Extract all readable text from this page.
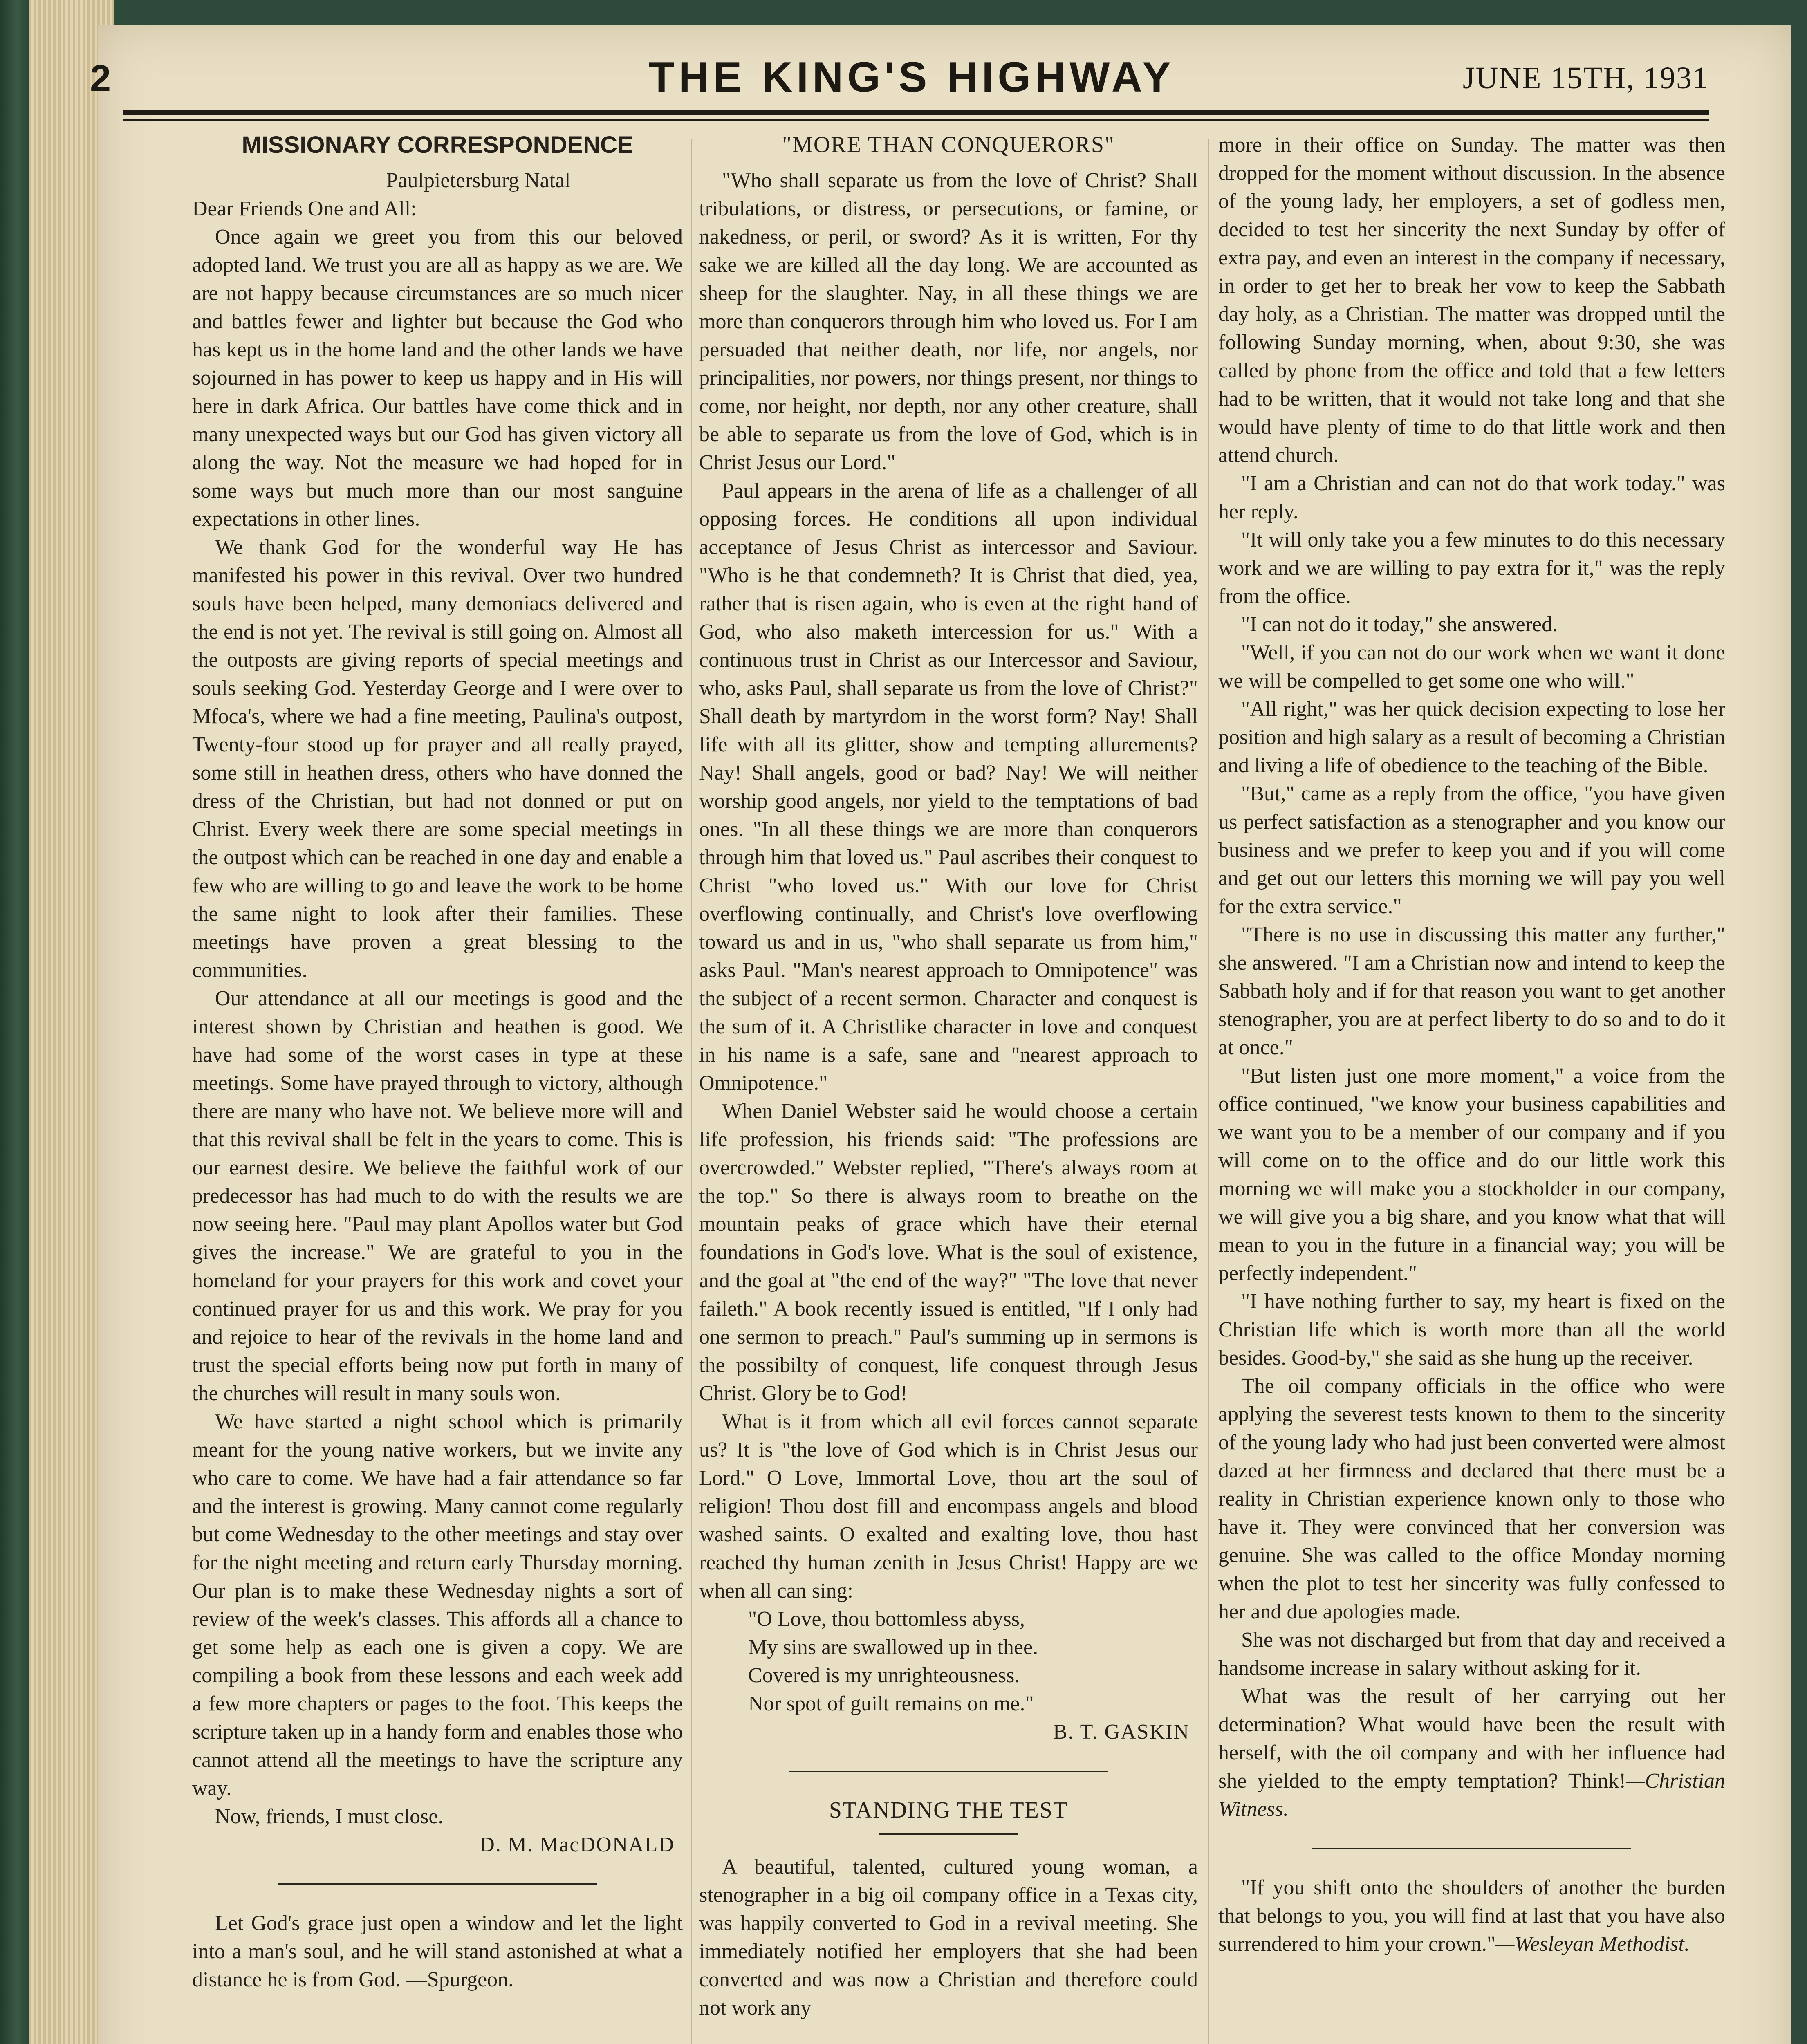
2	THE KING'S HIGHWAY	JUNE 15TH, 1931
MISSIONARY CORRESPONDENCE

Paulpietersburg Natal

Dear Friends One and All:

Once again we greet you from this our beloved adopted land. We trust you are all as happy as we are. We are not happy because circumstances are so much nicer and battles fewer and lighter but because the God who has kept us in the home land and the other lands we have sojourned in has power to keep us happy and in His will here in dark Africa. Our battles have come thick and in many unexpected ways but our God has given victory all along the way. Not the measure we had hoped for in some ways but much more than our most sanguine expectations in other lines.

We thank God for the wonderful way He has manifested his power in this revival. Over two hundred souls have been helped, many demoniacs delivered and the end is not yet. The revival is still going on. Almost all the outposts are giving reports of special meetings and souls seeking God. Yesterday George and I were over to Mfoca's, where we had a fine meeting, Paulina's outpost, Twenty-four stood up for prayer and all really prayed, some still in heathen dress, others who have donned the dress of the Christian, but had not donned or put on Christ. Every week there are some special meetings in the outpost which can be reached in one day and enable a few who are willing to go and leave the work to be home the same night to look after their families. These meetings have proven a great blessing to the communities.

Our attendance at all our meetings is good and the interest shown by Christian and heathen is good. We have had some of the worst cases in type at these meetings. Some have prayed through to victory, although there are many who have not. We believe more will and that this revival shall be felt in the years to come. This is our earnest desire. We believe the faithful work of our predecessor has had much to do with the results we are now seeing here. "Paul may plant Apollos water but God gives the increase." We are grateful to you in the homeland for your prayers for this work and covet your continued prayer for us and this work. We pray for you and rejoice to hear of the revivals in the home land and trust the special efforts being now put forth in many of the churches will result in many souls won.

We have started a night school which is primarily meant for the young native workers, but we invite any who care to come. We have had a fair attendance so far and the interest is growing. Many cannot come regularly but come Wednesday to the other meetings and stay over for the night meeting and return early Thursday morning. Our plan is to make these Wednesday nights a sort of review of the week's classes. This affords all a chance to get some help as each one is given a copy. We are compiling a book from these lessons and each week add a few more chapters or pages to the foot. This keeps the scripture taken up in a handy form and enables those who cannot attend all the meetings to have the scripture any way.

Now, friends, I must close.

D. M. MacDONALD

Let God's grace just open a window and let the light into a man's soul, and he will stand astonished at what a distance he is from God. —Spurgeon.

"MORE THAN CONQUERORS"

"Who shall separate us from the love of Christ? Shall tribulations, or distress, or persecutions, or famine, or nakedness, or peril, or sword? As it is written, For thy sake we are killed all the day long. We are accounted as sheep for the slaughter. Nay, in all these things we are more than conquerors through him who loved us. For I am persuaded that neither death, nor life, nor angels, nor principalities, nor powers, nor things present, nor things to come, nor height, nor depth, nor any other creature, shall be able to separate us from the love of God, which is in Christ Jesus our Lord."

Paul appears in the arena of life as a challenger of all opposing forces. He conditions all upon individual acceptance of Jesus Christ as intercessor and Saviour. "Who is he that condemneth? It is Christ that died, yea, rather that is risen again, who is even at the right hand of God, who also maketh intercession for us." With a continuous trust in Christ as our Intercessor and Saviour, who, asks Paul, shall separate us from the love of Christ?" Shall death by martyrdom in the worst form? Nay! Shall life with all its glitter, show and tempting allurements? Nay! Shall angels, good or bad? Nay! We will neither worship good angels, nor yield to the temptations of bad ones. "In all these things we are more than conquerors through him that loved us." Paul ascribes their conquest to Christ "who loved us." With our love for Christ overflowing continually, and Christ's love overflowing toward us and in us, "who shall separate us from him," asks Paul. "Man's nearest approach to Omnipotence" was the subject of a recent sermon. Character and conquest is the sum of it. A Christlike character in love and conquest in his name is a safe, sane and "nearest approach to Omnipotence."

When Daniel Webster said he would choose a certain life profession, his friends said: "The professions are overcrowded." Webster replied, "There's always room at the top." So there is always room to breathe on the mountain peaks of grace which have their eternal foundations in God's love. What is the soul of existence, and the goal at "the end of the way?" "The love that never faileth." A book recently issued is entitled, "If I only had one sermon to preach." Paul's summing up in sermons is the possibilty of conquest, life conquest through Jesus Christ. Glory be to God!

What is it from which all evil forces cannot separate us? It is "the love of God which is in Christ Jesus our Lord." O Love, Immortal Love, thou art the soul of religion! Thou dost fill and encompass angels and blood washed saints. O exalted and exalting love, thou hast reached thy human zenith in Jesus Christ! Happy are we when all can sing:

"O Love, thou bottomless abyss,
My sins are swallowed up in thee.
Covered is my unrighteousness.
Nor spot of guilt remains on me."

B. T. GASKIN

STANDING THE TEST

A beautiful, talented, cultured young woman, a stenographer in a big oil company office in a Texas city, was happily converted to God in a revival meeting. She immediately notified her employers that she had been converted and was now a Christian and therefore could not work any

more in their office on Sunday. The matter was then dropped for the moment without discussion. In the absence of the young lady, her employers, a set of godless men, decided to test her sincerity the next Sunday by offer of extra pay, and even an interest in the company if necessary, in order to get her to break her vow to keep the Sabbath day holy, as a Christian. The matter was dropped until the following Sunday morning, when, about 9:30, she was called by phone from the office and told that a few letters had to be written, that it would not take long and that she would have plenty of time to do that little work and then attend church.

"I am a Christian and can not do that work today." was her reply.

"It will only take you a few minutes to do this necessary work and we are willing to pay extra for it," was the reply from the office.

"I can not do it today," she answered.

"Well, if you can not do our work when we want it done we will be compelled to get some one who will."

"All right," was her quick decision expecting to lose her position and high salary as a result of becoming a Christian and living a life of obedience to the teaching of the Bible.

"But," came as a reply from the office, "you have given us perfect satisfaction as a stenographer and you know our business and we prefer to keep you and if you will come and get out our letters this morning we will pay you well for the extra service."

"There is no use in discussing this matter any further," she answered. "I am a Christian now and intend to keep the Sabbath holy and if for that reason you want to get another stenographer, you are at perfect liberty to do so and to do it at once."

"But listen just one more moment," a voice from the office continued, "we know your business capabilities and we want you to be a member of our company and if you will come on to the office and do our little work this morning we will make you a stockholder in our company, we will give you a big share, and you know what that will mean to you in the future in a financial way; you will be perfectly independent."

"I have nothing further to say, my heart is fixed on the Christian life which is worth more than all the world besides. Good-by," she said as she hung up the receiver.

The oil company officials in the office who were applying the severest tests known to them to the sincerity of the young lady who had just been converted were almost dazed at her firmness and declared that there must be a reality in Christian experience known only to those who have it. They were convinced that her conversion was genuine. She was called to the office Monday morning when the plot to test her sincerity was fully confessed to her and due apologies made.

She was not discharged but from that day and received a handsome increase in salary without asking for it.

What was the result of her carrying out her determination? What would have been the result with herself, with the oil company and with her influence had she yielded to the empty temptation? Think!—Christian Witness.

"If you shift onto the shoulders of another the burden that belongs to you, you will find at last that you have also surrendered to him your crown."—Wesleyan Methodist.
